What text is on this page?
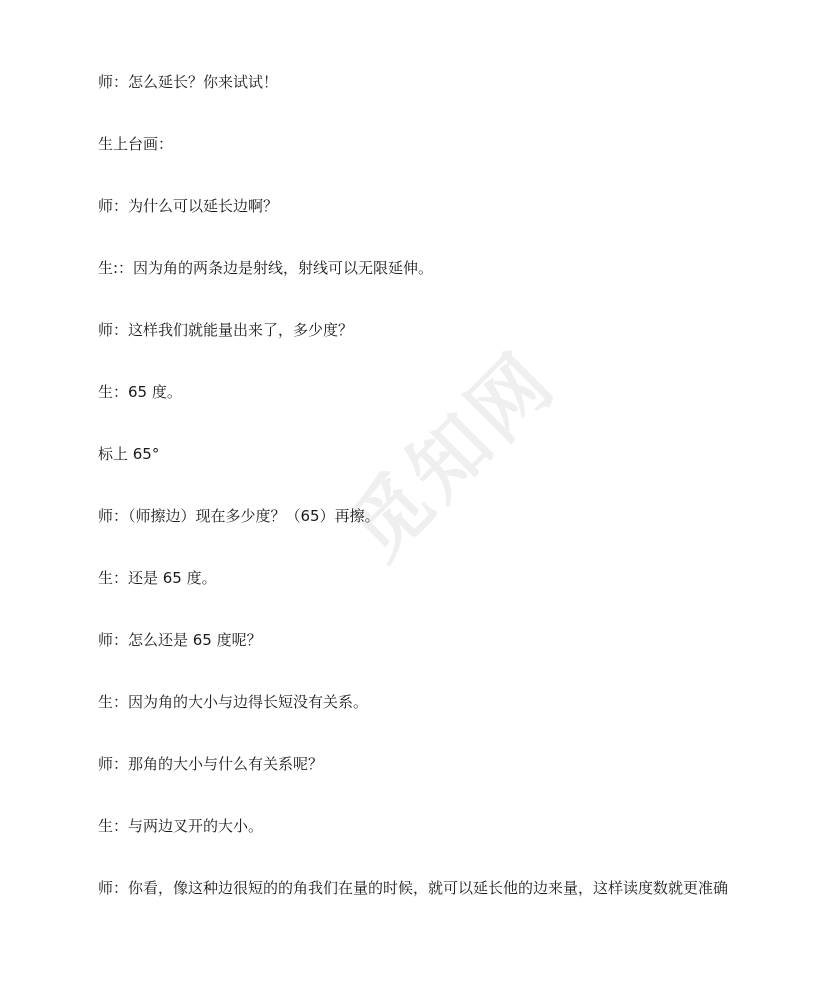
觅知网
师：怎么延长？你来试试！
生上台画：
师：为什么可以延长边啊？
生:：因为角的两条边是射线，射线可以无限延伸。
师：这样我们就能量出来了，多少度？
生：65 度。
标上 65°
师：（师擦边）现在多少度？（65）再擦。
生：还是 65 度。
师：怎么还是 65 度呢？
生：因为角的大小与边得长短没有关系。
师：那角的大小与什么有关系呢？
生：与两边叉开的大小。
师：你看，像这种边很短的的角我们在量的时候，就可以延长他的边来量，这样读度数就更准确
